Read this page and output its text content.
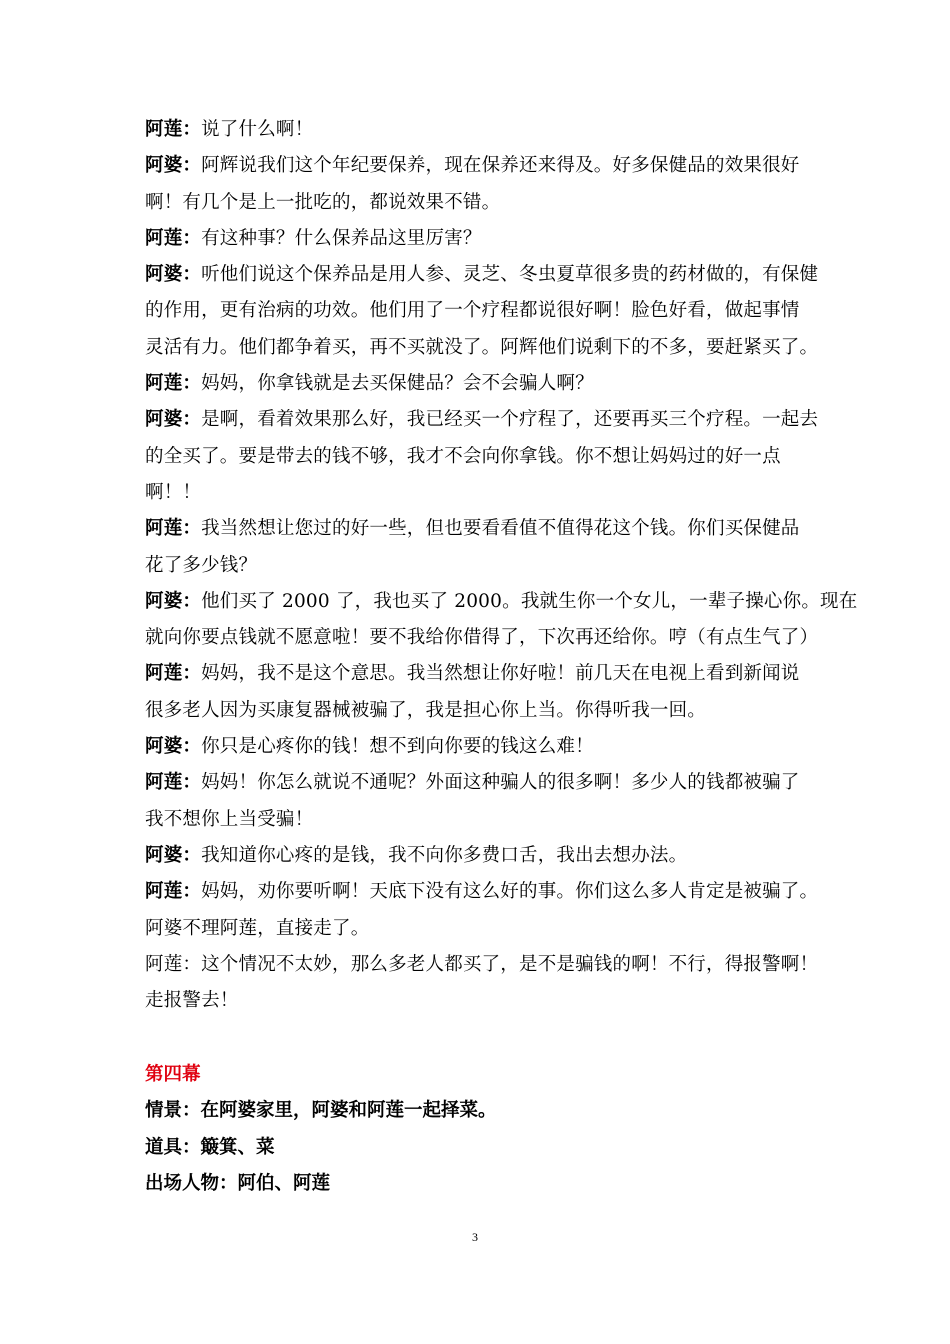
阿莲：说了什么啊！
阿婆：阿辉说我们这个年纪要保养，现在保养还来得及。好多保健品的效果很好
啊！有几个是上一批吃的，都说效果不错。
阿莲：有这种事？什么保养品这里厉害？
阿婆：听他们说这个保养品是用人参、灵芝、冬虫夏草很多贵的药材做的，有保健
的作用，更有治病的功效。他们用了一个疗程都说很好啊！脸色好看，做起事情
灵活有力。他们都争着买，再不买就没了。阿辉他们说剩下的不多，要赶紧买了。
阿莲：妈妈，你拿钱就是去买保健品？会不会骗人啊？
阿婆：是啊，看着效果那么好，我已经买一个疗程了，还要再买三个疗程。一起去
的全买了。要是带去的钱不够，我才不会向你拿钱。你不想让妈妈过的好一点
啊！！
阿莲：我当然想让您过的好一些，但也要看看值不值得花这个钱。你们买保健品
花了多少钱？
阿婆：他们买了 2000 了，我也买了 2000。我就生你一个女儿，一辈子操心你。现在
就向你要点钱就不愿意啦！要不我给你借得了，下次再还给你。哼（有点生气了）
阿莲：妈妈，我不是这个意思。我当然想让你好啦！前几天在电视上看到新闻说
很多老人因为买康复器械被骗了，我是担心你上当。你得听我一回。
阿婆：你只是心疼你的钱！想不到向你要的钱这么难！
阿莲：妈妈！你怎么就说不通呢？外面这种骗人的很多啊！多少人的钱都被骗了
我不想你上当受骗！
阿婆：我知道你心疼的是钱，我不向你多费口舌，我出去想办法。
阿莲：妈妈，劝你要听啊！天底下没有这么好的事。你们这么多人肯定是被骗了。
阿婆不理阿莲，直接走了。
阿莲：这个情况不太妙，那么多老人都买了，是不是骗钱的啊！不行，得报警啊！
走报警去！
第四幕
情景：在阿婆家里，阿婆和阿莲一起择菜。
道具：簸箕、菜
出场人物：阿伯、阿莲
3
